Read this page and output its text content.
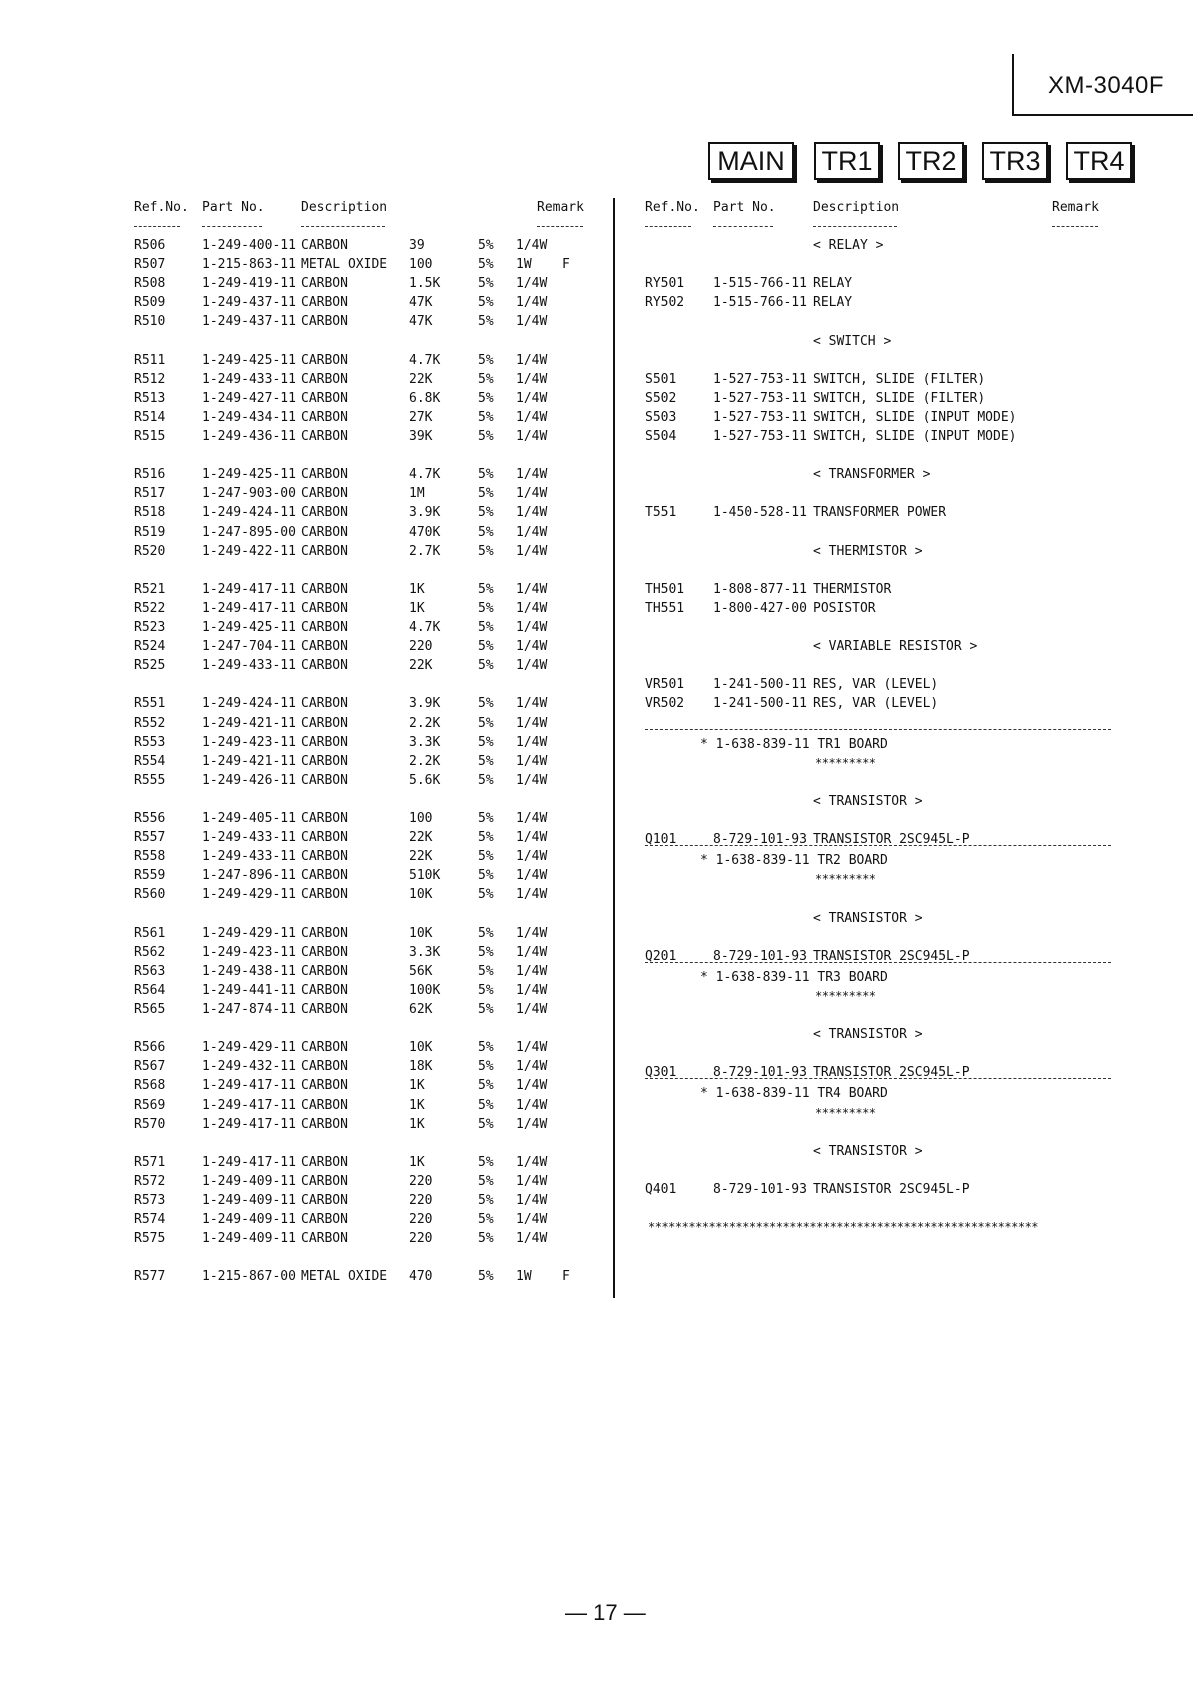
XM-3040F
MAIN	TR1 TR2 TR3 TR4
Ref.No. Part No.	Description	Remark	Ref.No. Part No.	Description	Remark
R506	1-249-400-11 CARBON	39	5% 1/4W
R507	1-215-863-11 METAL OXIDE 100	5% 1W F
R508	1-249-419-11 CARBON	1.5K	5% 1/4W
R509	1-249-437-11 CARBON	47K	5% 1/4W
R510	1-249-437-11 CARBON	47K	5% 1/4W
R511	1-249-425-11 CARBON	4.7K	5% 1/4W
R512	1-249-433-11 CARBON	22K	5% 1/4W
R513	1-249-427-11 CARBON	6.8K	5% 1/4W
R514	1-249-434-11 CARBON	27K	5% 1/4W
R515	1-249-436-11 CARBON	39K	5% 1/4W
R516	1-249-425-11 CARBON	4.7K	5% 1/4W
R517	1-247-903-00 CARBON	1M	5% 1/4W
R518	1-249-424-11 CARBON	3.9K	5% 1/4W
R519	1-247-895-00 CARBON	470K	5% 1/4W
R520	1-249-422-11 CARBON	2.7K	5% 1/4W
R521	1-249-417-11 CARBON	1K	5% 1/4W
R522	1-249-417-11 CARBON	1K	5% 1/4W
R523	1-249-425-11 CARBON	4.7K	5% 1/4W
R524	1-247-704-11 CARBON	220	5% 1/4W
R525	1-249-433-11 CARBON	22K	5% 1/4W
R551	1-249-424-11 CARBON	3.9K	5% 1/4W
R552	1-249-421-11 CARBON	2.2K	5% 1/4W
R553	1-249-423-11 CARBON	3.3K	5% 1/4W
R554	1-249-421-11 CARBON	2.2K	5% 1/4W
R555	1-249-426-11 CARBON	5.6K	5% 1/4W
R556	1-249-405-11 CARBON	100	5% 1/4W
R557	1-249-433-11 CARBON	22K	5% 1/4W
R558	1-249-433-11 CARBON	22K	5% 1/4W
R559	1-247-896-11 CARBON	510K	5% 1/4W
R560	1-249-429-11 CARBON	10K	5% 1/4W
R561	1-249-429-11 CARBON	10K	5% 1/4W
R562	1-249-423-11 CARBON	3.3K	5% 1/4W
R563	1-249-438-11 CARBON	56K	5% 1/4W
R564	1-249-441-11 CARBON	100K	5% 1/4W
R565	1-247-874-11 CARBON	62K	5% 1/4W
R566	1-249-429-11 CARBON	10K	5% 1/4W
R567	1-249-432-11 CARBON	18K	5% 1/4W
R568	1-249-417-11 CARBON	1K	5% 1/4W
R569	1-249-417-11 CARBON	1K	5% 1/4W
R570	1-249-417-11 CARBON	1K	5% 1/4W
R571	1-249-417-11 CARBON	1K	5% 1/4W
R572	1-249-409-11 CARBON	220	5% 1/4W
R573	1-249-409-11 CARBON	220	5% 1/4W
R574	1-249-409-11 CARBON	220	5% 1/4W
R575	1-249-409-11 CARBON	220	5% 1/4W
R577	1-215-867-00 METAL OXIDE 470	5% 1W F
< RELAY >
RY501 1-515-766-11 RELAY
RY502 1-515-766-11 RELAY
< SWITCH >
S501	1-527-753-11 SWITCH, SLIDE (FILTER)
S502	1-527-753-11 SWITCH, SLIDE (FILTER)
S503	1-527-753-11 SWITCH, SLIDE (INPUT MODE)
S504	1-527-753-11 SWITCH, SLIDE (INPUT MODE)
< TRANSFORMER >
T551	1-450-528-11 TRANSFORMER POWER
< THERMISTOR >
TH501 1-808-877-11 THERMISTOR
TH551 1-800-427-00 POSISTOR
< VARIABLE RESISTOR >
VR501 1-241-500-11 RES, VAR (LEVEL)
VR502 1-241-500-11 RES, VAR (LEVEL)
* 1-638-839-11 TR1 BOARD
*********
< TRANSISTOR >
Q101	8-729-101-93 TRANSISTOR 2SC945L-P
* 1-638-839-11 TR2 BOARD
*********
< TRANSISTOR >
Q201	8-729-101-93 TRANSISTOR 2SC945L-P
* 1-638-839-11 TR3 BOARD
*********
< TRANSISTOR >
Q301	8-729-101-93 TRANSISTOR 2SC945L-P
* 1-638-839-11 TR4 BOARD
*********
< TRANSISTOR >
Q401	8-729-101-93 TRANSISTOR 2SC945L-P
**********************************************************
— 17 —
